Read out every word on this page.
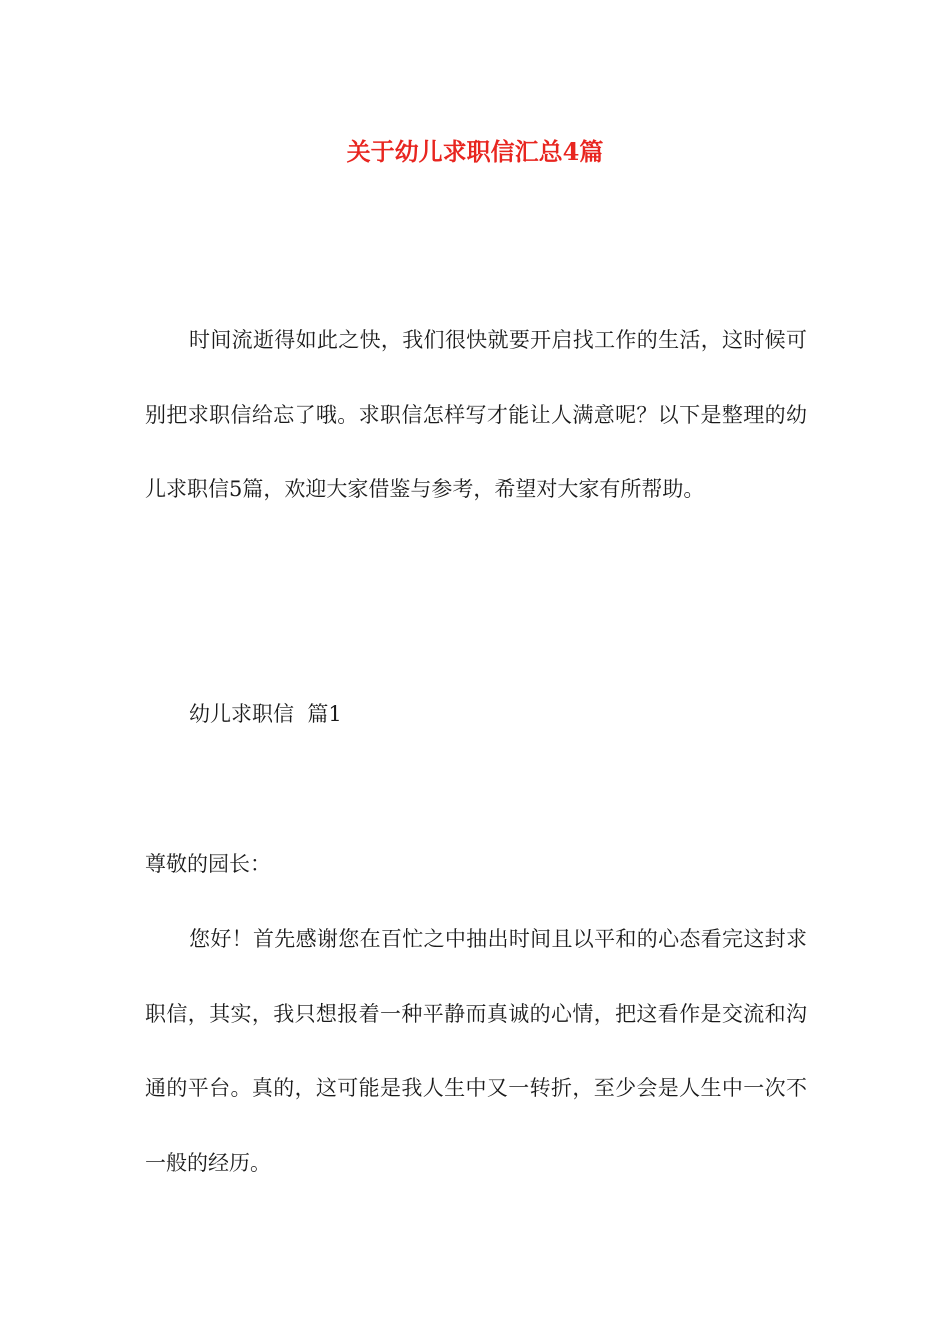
关于幼儿求职信汇总4篇

时间流逝得如此之快，我们很快就要开启找工作的生活，这时候可别把求职信给忘了哦。求职信怎样写才能让人满意呢？以下是整理的幼儿求职信5篇，欢迎大家借鉴与参考，希望对大家有所帮助。

幼儿求职信  篇1

尊敬的园长：

您好！首先感谢您在百忙之中抽出时间且以平和的心态看完这封求职信，其实，我只想报着一种平静而真诚的心情，把这看作是交流和沟通的平台。真的，这可能是我人生中又一转折，至少会是人生中一次不一般的经历。
